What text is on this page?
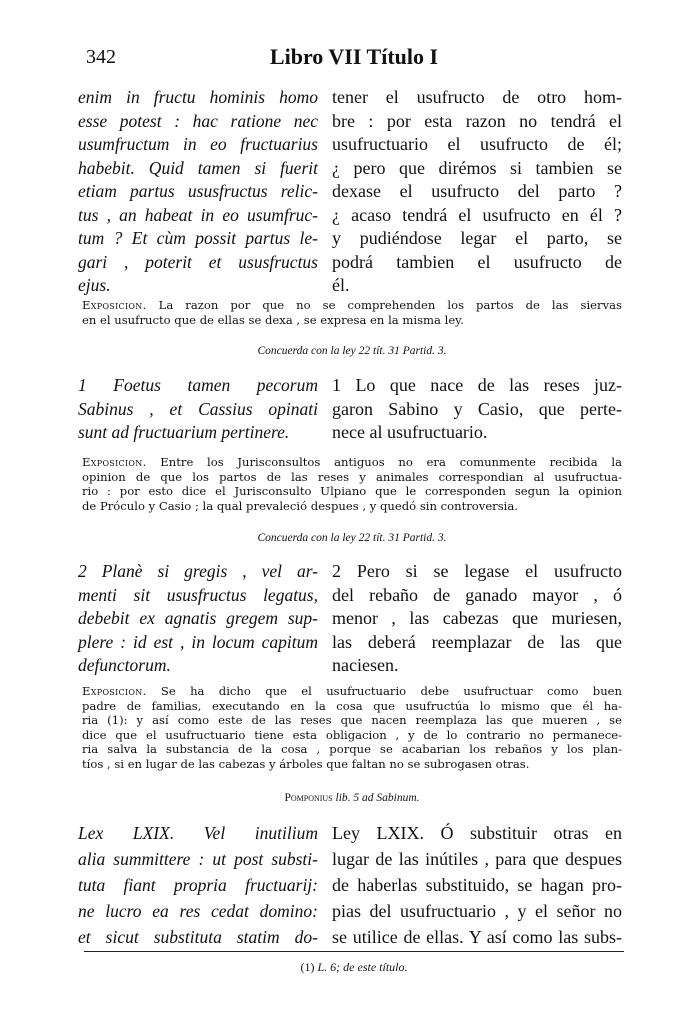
342	Libro VII Título I
enim in fructu hominis homo
esse potest : hac ratione nec
usumfructum in eo fructuarius
habebit. Quid tamen si fuerit
etiam partus ususfructus relic-
tus , an habeat in eo usumfruc-
tum ? Et cùm possit partus le-
gari , poterit et ususfructus
ejus.
tener el usufructo de otro hom-
bre : por esta razon no tendrá el
usufructuario el usufructo de él;
¿ pero que dirémos si tambien se
dexase el usufructo del parto ?
¿ acaso tendrá el usufructo en él ?
y pudiéndose legar el parto, se
podrá tambien el usufructo de
él.
Exposicion. La razon por que no se comprehenden los partos de las siervas
en el usufructo que de ellas se dexa , se expresa en la misma ley.
Concuerda con la ley 22 tít. 31 Partid. 3.
1 Foetus tamen pecorum
Sabinus , et Cassius opinati
sunt ad fructuarium pertinere.
1 Lo que nace de las reses juz-
garon Sabino y Casio, que perte-
nece al usufructuario.
Exposicion. Entre los Jurisconsultos antiguos no era comunmente recibida la
opinion de que los partos de las reses y animales correspondian al usufructua-
rio : por esto dice el Jurisconsulto Ulpiano que le corresponden segun la opinion
de Próculo y Casio ; la qual prevaleció despues , y quedó sin controversia.
Concuerda con la ley 22 tít. 31 Partid. 3.
2 Planè si gregis , vel ar-
menti sit ususfructus legatus,
debebit ex agnatis gregem sup-
plere : id est , in locum capitum
defunctorum.
2 Pero si se legase el usufructo
del rebaño de ganado mayor , ó
menor , las cabezas que muriesen,
las deberá reemplazar de las que
naciesen.
Exposicion. Se ha dicho que el usufructuario debe usufructuar como buen
padre de familias, executando en la cosa que usufructúa lo mismo que él ha-
ria (1): y así como este de las reses que nacen reemplaza las que mueren , se
dice que el usufructuario tiene esta obligacion , y de lo contrario no permanece-
ria salva la substancia de la cosa , porque se acabarian los rebaños y los plan-
tíos , si en lugar de las cabezas y árboles que faltan no se subrogasen otras.
Pomponius lib. 5 ad Sabinum.
Lex LXIX. Vel inutilium
alia summittere : ut post substi-
tuta fiant propria fructuarij:
ne lucro ea res cedat domino:
et sicut substituta statim do-
Ley LXIX. Ó substituir otras en
lugar de las inútiles , para que despues
de haberlas substituido, se hagan pro-
pias del usufructuario , y el señor no
se utilice de ellas. Y así como las subs-
(1) L. 6; de este título.
